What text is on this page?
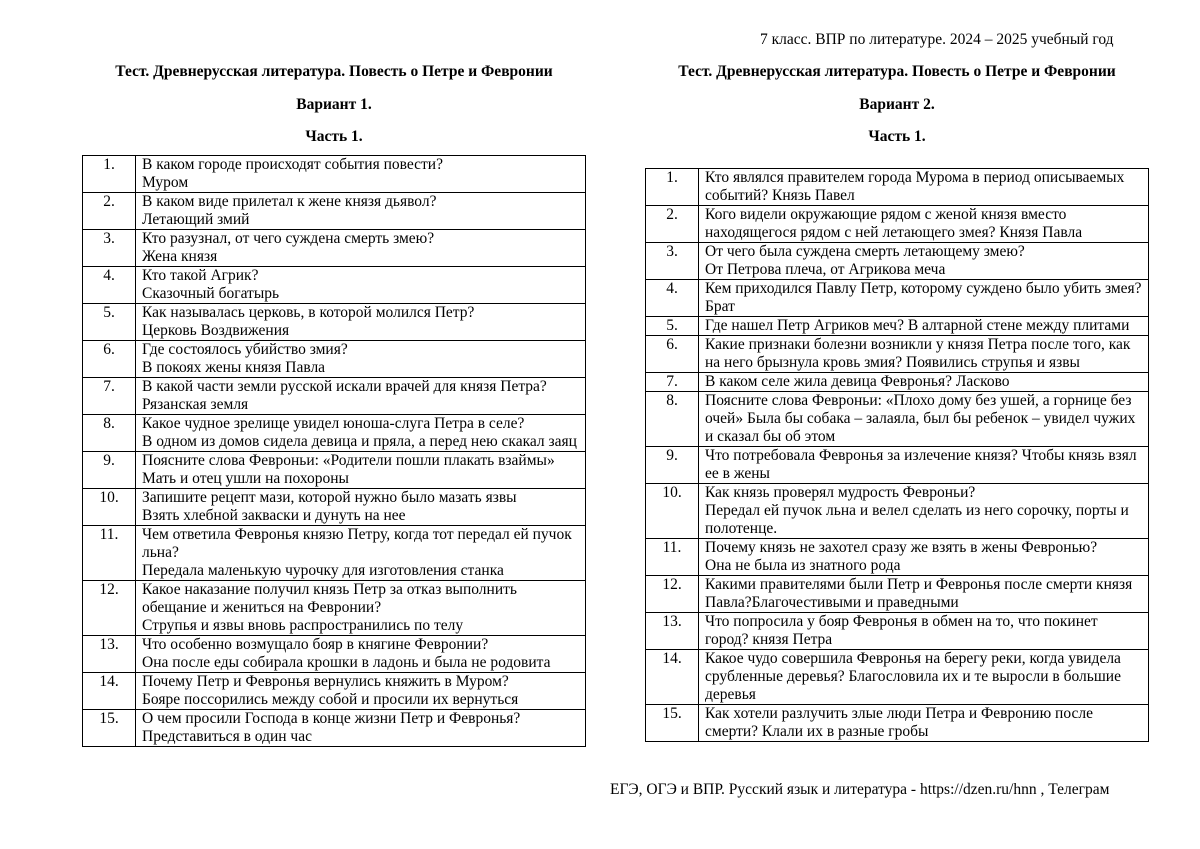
7 класс. ВПР по литературе. 2024 – 2025 учебный год
Тест. Древнерусская литература. Повесть о Петре и Февронии
Вариант 1.
Часть 1.
1.	В каком городе происходят события повести?
Муром

2.	В каком виде прилетал к жене князя дьявол?
Летающий змий

3.	Кто разузнал, от чего суждена смерть змею?
Жена князя

4.	Кто такой Агрик?
Сказочный богатырь

5.	Как называлась церковь, в которой молился Петр?
Церковь Воздвижения

6.	Где состоялось убийство змия?
В покоях жены князя Павла

7.	В какой части земли русской искали врачей для князя Петра?
Рязанская земля

8.	Какое чудное зрелище увидел юноша-слуга Петра в селе?
В одном из домов сидела девица и пряла, а перед нею скакал заяц

9.	Поясните слова Февроньи: «Родители пошли плакать взаймы»
Мать и отец ушли на похороны

10.	Запишите рецепт мази, которой нужно было мазать язвы
Взять хлебной закваски и дунуть на нее

11.	Чем ответила Февронья князю Петру, когда тот передал ей пучок льна?
Передала маленькую чурочку для изготовления станка

12.	Какое наказание получил князь Петр за отказ выполнить обещание и жениться на Февронии?
Струпья и язвы вновь распространились по телу

13.	Что особенно возмущало бояр в княгине Февронии?
Она после еды собирала крошки в ладонь и была не родовита

14.	Почему Петр и Февронья вернулись княжить в Муром?
Бояре поссорились между собой и просили их вернуться

15.	О чем просили Господа в конце жизни Петр и Февронья?
Представиться в один час
Тест. Древнерусская литература. Повесть о Петре и Февронии
Вариант 2.
Часть 1.
1.	Кто являлся правителем города Мурома в период описываемых событий? Князь Павел

2.	Кого видели окружающие рядом с женой князя вместо находящегося рядом с ней летающего змея? Князя Павла

3.	От чего была суждена смерть летающему змею?
От Петрова плеча, от Агрикова меча

4.	Кем приходился Павлу Петр, которому суждено было убить змея? Брат

5.	Где нашел Петр Агриков меч? В алтарной стене между плитами

6.	Какие признаки болезни возникли у князя Петра после того, как на него брызнула кровь змия? Появились струпья и язвы

7.	В каком селе жила девица Февронья? Ласково

8.	Поясните слова Февроньи: «Плохо дому без ушей, а горнице без очей» Была бы собака – залаяла, был бы ребенок – увидел чужих и сказал бы об этом

9.	Что потребовала Февронья за излечение князя? Чтобы князь взял ее в жены

10.	Как князь проверял мудрость Февроньи?
Передал ей пучок льна и велел сделать из него сорочку, порты и полотенце.

11.	Почему князь не захотел сразу же взять в жены Февронью?
Она не была из знатного рода

12.	Какими правителями были Петр и Февронья после смерти князя Павла?Благочестивыми и праведными

13.	Что попросила у бояр Февронья в обмен на то, что покинет город? князя Петра

14.	Какое чудо совершила Февронья на берегу реки, когда увидела срубленные деревья? Благословила их и те выросли в большие деревья

15.	Как хотели разлучить злые люди Петра и Февронию после смерти? Клали их в разные гробы
ЕГЭ, ОГЭ и ВПР. Русский язык и литература - https://dzen.ru/hnn , Телеграм
